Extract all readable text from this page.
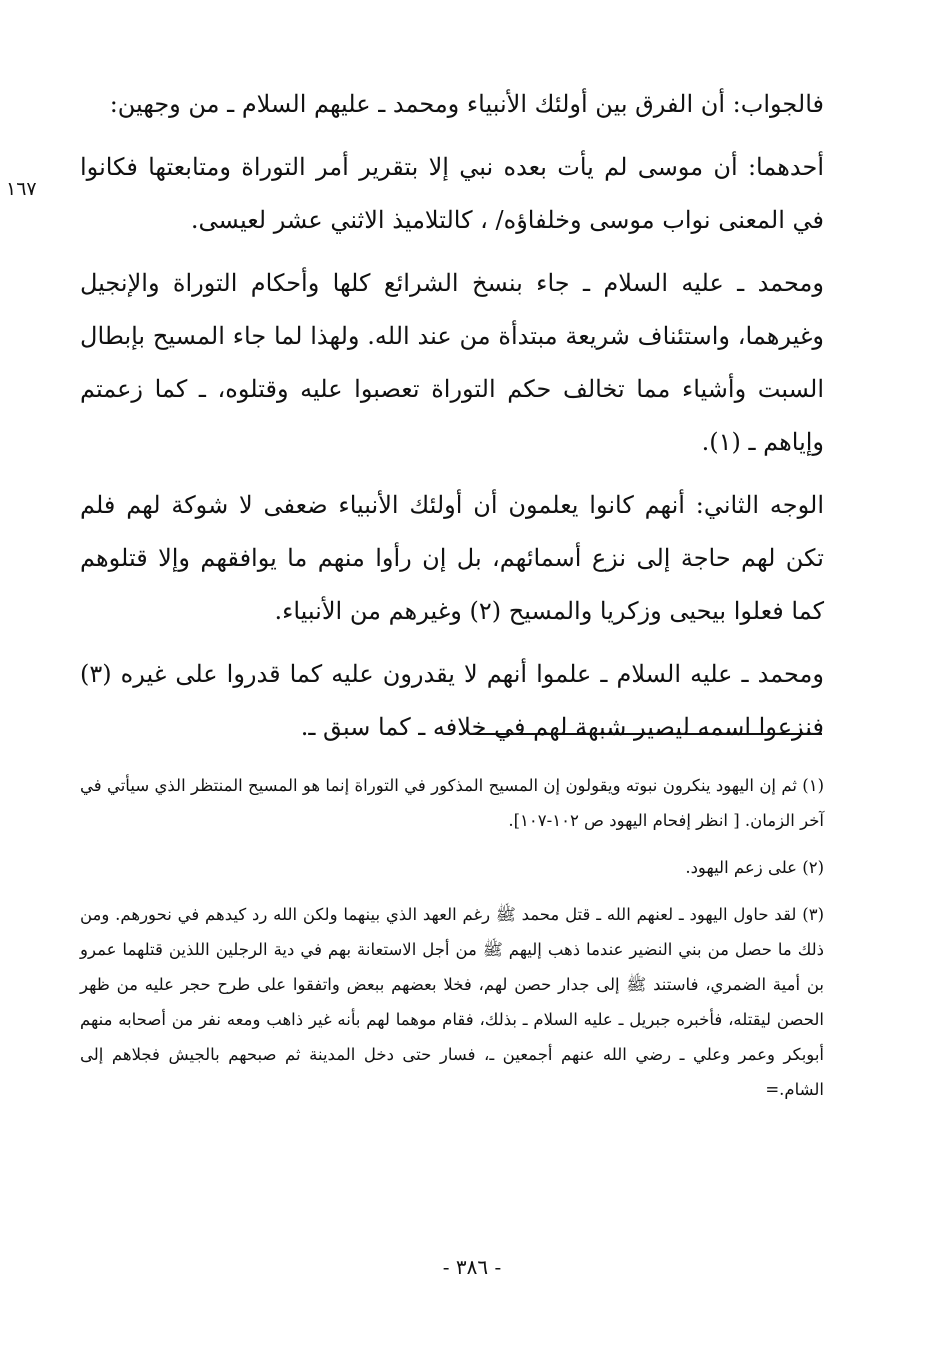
١٦٧

فالجواب: أن الفرق بين أولئك الأنبياء ومحمد ـ عليهم السلام ـ من وجهين:

أحدهما: أن موسى لم يأت بعده نبي إلا بتقرير أمر التوراة ومتابعتها فكانوا في المعنى نواب موسى وخلفاؤه/ ، كالتلاميذ الاثني عشر لعيسى.

ومحمد ـ عليه السلام ـ جاء بنسخ الشرائع كلها وأحكام التوراة والإنجيل وغيرهما، واستئناف شريعة مبتدأة من عند الله. ولهذا لما جاء المسيح بإبطال السبت وأشياء مما تخالف حكم التوراة تعصبوا عليه وقتلوه، ـ كما زعمتم وإياهم ـ (١).

الوجه الثاني: أنهم كانوا يعلمون أن أولئك الأنبياء ضعفى لا شوكة لهم فلم تكن لهم حاجة إلى نزع أسمائهم، بل إن رأوا منهم ما يوافقهم وإلا قتلوهم كما فعلوا بيحيى وزكريا والمسيح (٢) وغيرهم من الأنبياء.

ومحمد ـ عليه السلام ـ علموا أنهم لا يقدرون عليه كما قدروا على غيره (٣) فنزعوا اسمه ليصير شبهة لهم في خلافه ـ كما سبق ـ.

(١) ثم إن اليهود ينكرون نبوته ويقولون إن المسيح المذكور في التوراة إنما هو المسيح المنتظر الذي سيأتي في آخر الزمان. [ انظر إفحام اليهود ص ١٠٢-١٠٧].

(٢) على زعم اليهود.

(٣) لقد حاول اليهود ـ لعنهم الله ـ قتل محمد ﷺ رغم العهد الذي بينهما ولكن الله رد كيدهم في نحورهم. ومن ذلك ما حصل من بني النضير عندما ذهب إليهم ﷺ من أجل الاستعانة بهم في دية الرجلين اللذين قتلهما عمرو بن أمية الضمري، فاستند ﷺ إلى جدار حصن لهم، فخلا بعضهم ببعض واتفقوا على طرح حجر عليه من ظهر الحصن ليقتله، فأخبره جبريل ـ عليه السلام ـ بذلك، فقام موهما لهم بأنه غير ذاهب ومعه نفر من أصحابه منهم أبوبكر وعمر وعلي ـ رضي الله عنهم أجمعين ـ، فسار حتى دخل المدينة ثم صبحهم بالجيش فجلاهم إلى الشام.=

- ٣٨٦ -
